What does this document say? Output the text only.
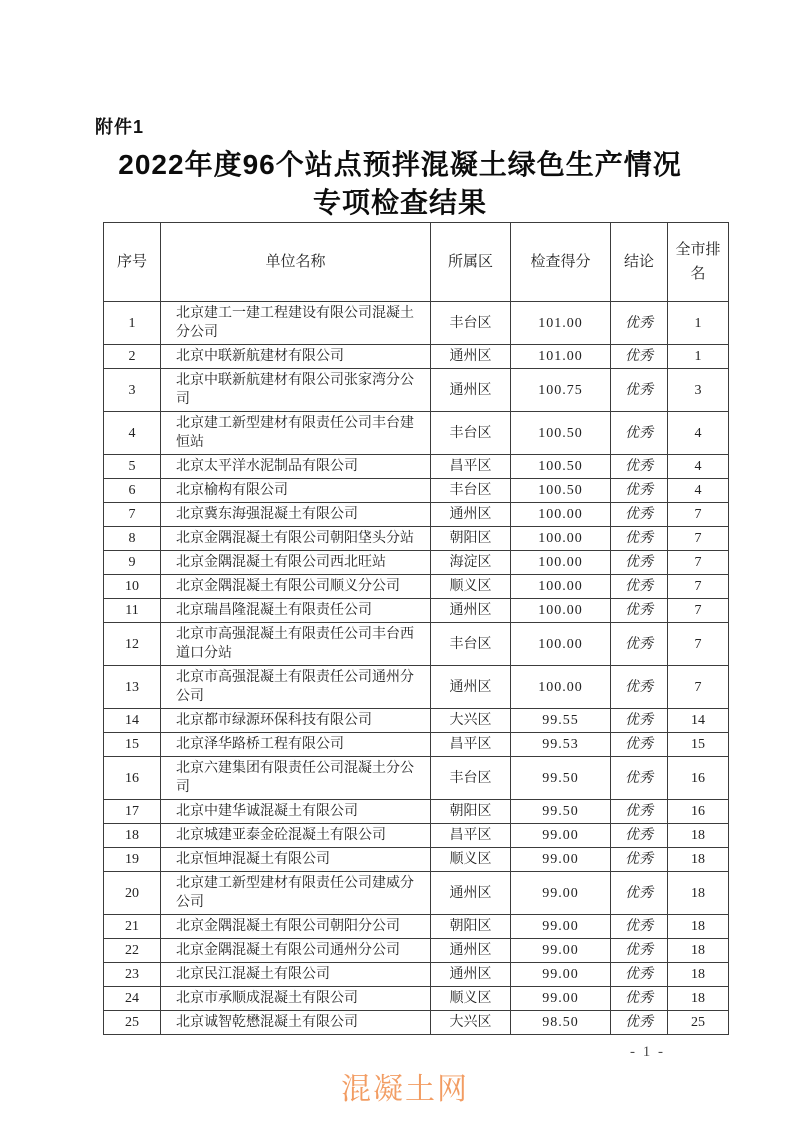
附件1
2022年度96个站点预拌混凝土绿色生产情况
专项检查结果
序号	单位名称	所属区	检查得分	结论	全市排名
1	北京建工一建工程建设有限公司混凝土分公司	丰台区	101.00	优秀	1
2	北京中联新航建材有限公司	通州区	101.00	优秀	1
3	北京中联新航建材有限公司张家湾分公司	通州区	100.75	优秀	3
4	北京建工新型建材有限责任公司丰台建恒站	丰台区	100.50	优秀	4
5	北京太平洋水泥制品有限公司	昌平区	100.50	优秀	4
6	北京榆构有限公司	丰台区	100.50	优秀	4
7	北京冀东海强混凝土有限公司	通州区	100.00	优秀	7
8	北京金隅混凝土有限公司朝阳垡头分站	朝阳区	100.00	优秀	7
9	北京金隅混凝土有限公司西北旺站	海淀区	100.00	优秀	7
10	北京金隅混凝土有限公司顺义分公司	顺义区	100.00	优秀	7
11	北京瑞昌隆混凝土有限责任公司	通州区	100.00	优秀	7
12	北京市高强混凝土有限责任公司丰台西道口分站	丰台区	100.00	优秀	7
13	北京市高强混凝土有限责任公司通州分公司	通州区	100.00	优秀	7
14	北京都市绿源环保科技有限公司	大兴区	99.55	优秀	14
15	北京泽华路桥工程有限公司	昌平区	99.53	优秀	15
16	北京六建集团有限责任公司混凝土分公司	丰台区	99.50	优秀	16
17	北京中建华诚混凝土有限公司	朝阳区	99.50	优秀	16
18	北京城建亚泰金砼混凝土有限公司	昌平区	99.00	优秀	18
19	北京恒坤混凝土有限公司	顺义区	99.00	优秀	18
20	北京建工新型建材有限责任公司建威分公司	通州区	99.00	优秀	18
21	北京金隅混凝土有限公司朝阳分公司	朝阳区	99.00	优秀	18
22	北京金隅混凝土有限公司通州分公司	通州区	99.00	优秀	18
23	北京民江混凝土有限公司	通州区	99.00	优秀	18
24	北京市承顺成混凝土有限公司	顺义区	99.00	优秀	18
25	北京诚智乾懋混凝土有限公司	大兴区	98.50	优秀	25
- 1 -
混凝土网
